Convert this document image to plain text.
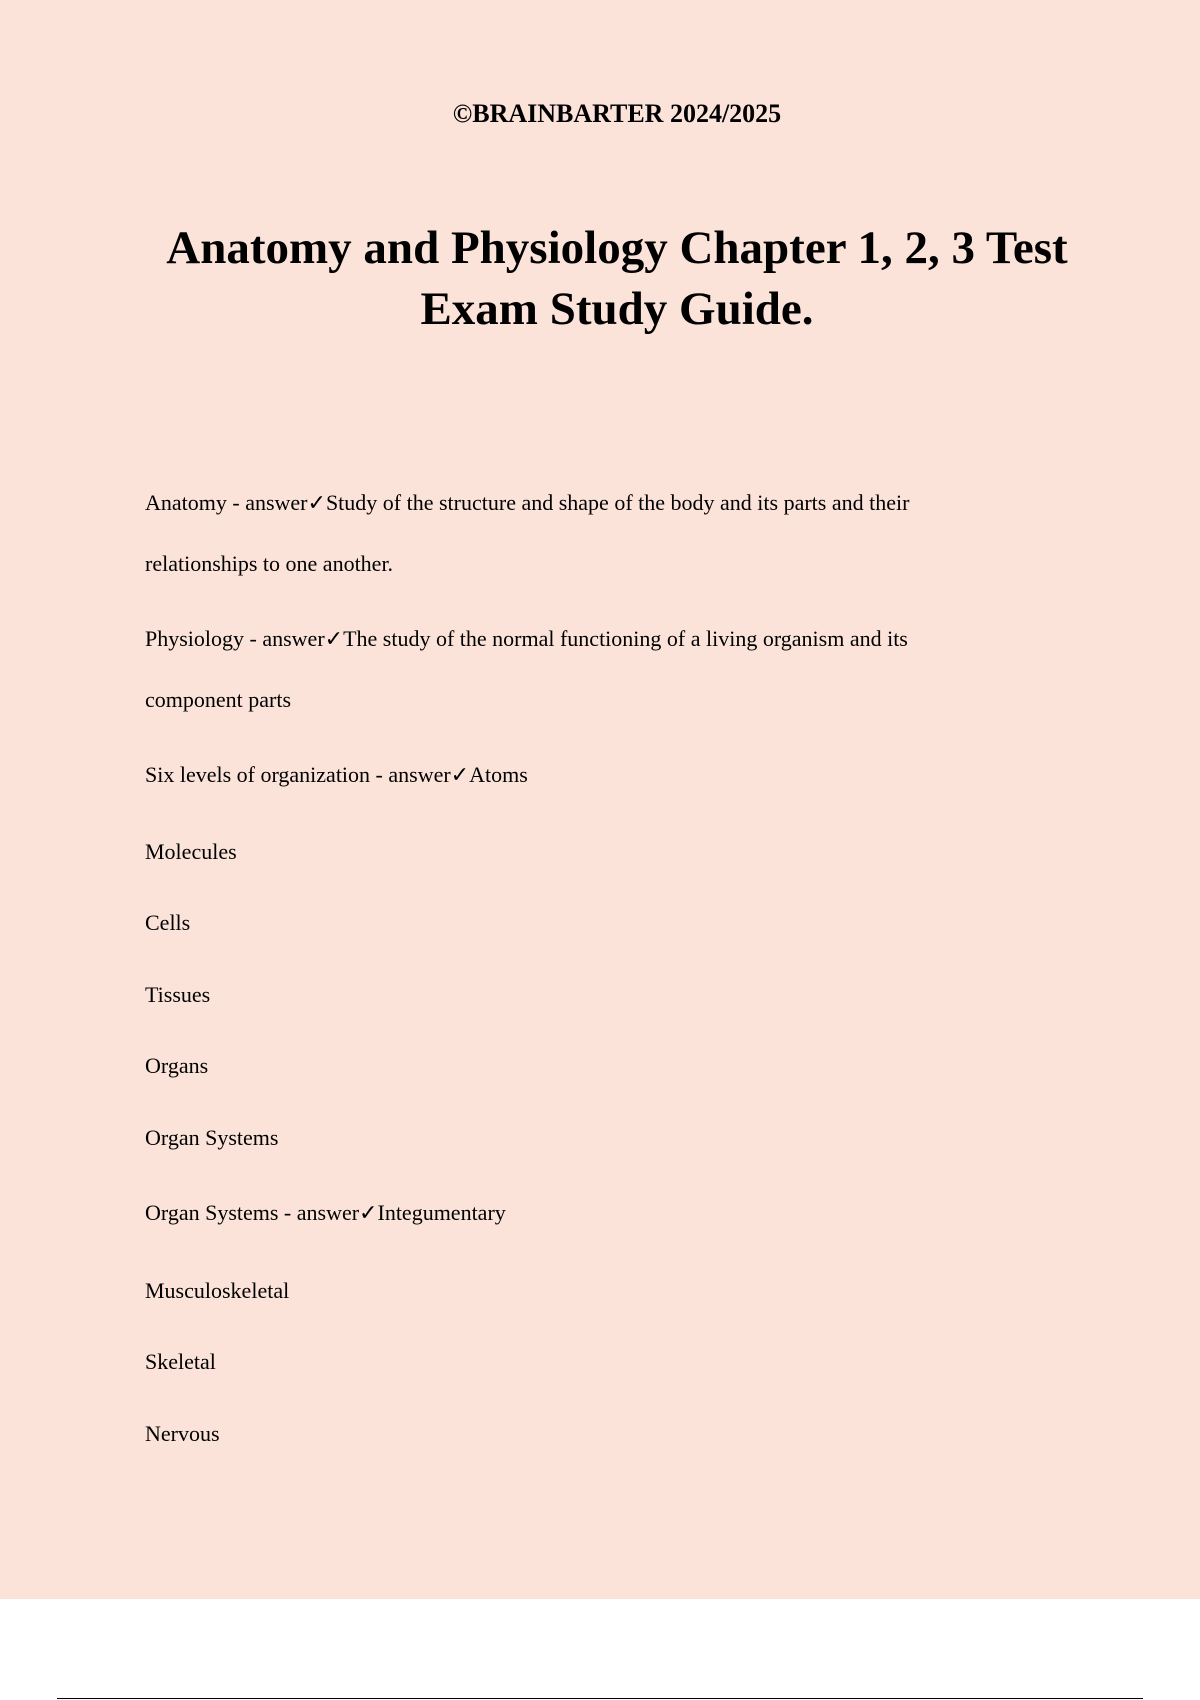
©BRAINBARTER 2024/2025
Anatomy and Physiology Chapter 1, 2, 3 Test
Exam Study Guide.
Anatomy - answer✓Study of the structure and shape of the body and its parts and their
relationships to one another.
Physiology - answer✓The study of the normal functioning of a living organism and its
component parts
Six levels of organization - answer✓Atoms
Molecules
Cells
Tissues
Organs
Organ Systems
Organ Systems - answer✓Integumentary
Musculoskeletal
Skeletal
Nervous
